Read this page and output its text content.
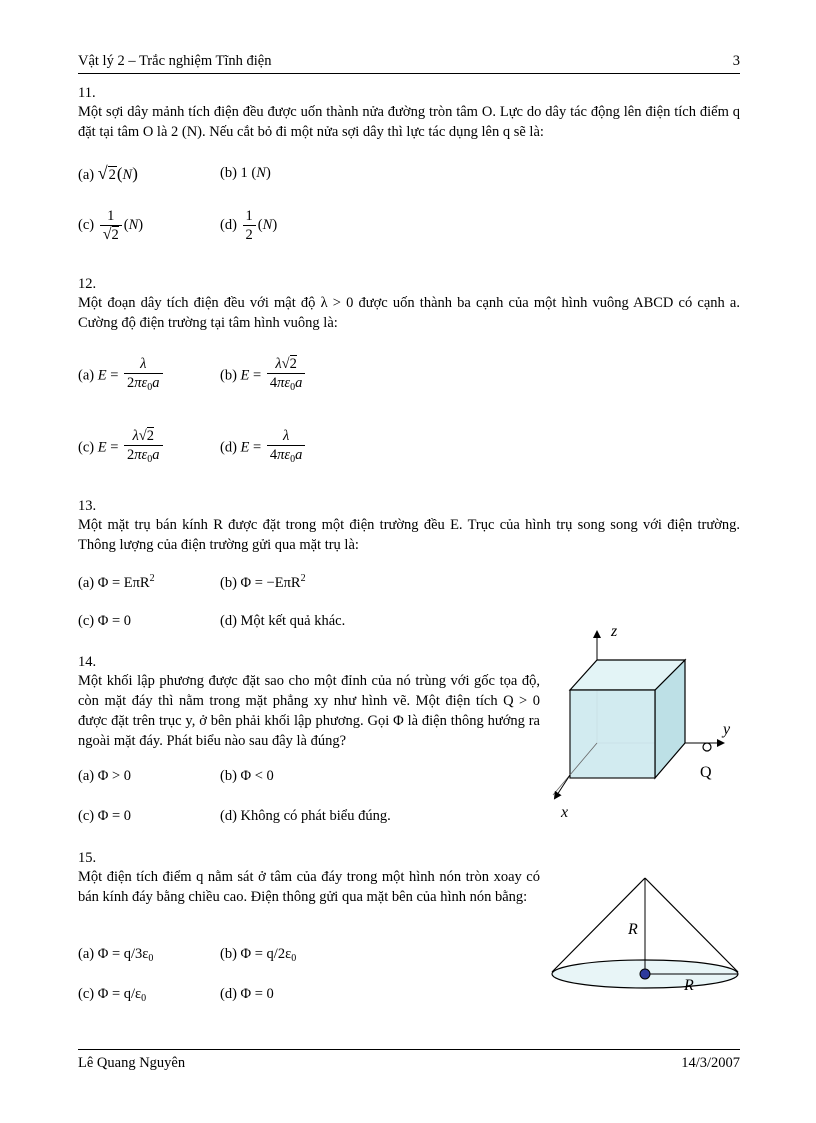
Vật lý 2 – Trắc nghiệm Tĩnh điện	3
11.
Một sợi dây mảnh tích điện đều được uốn thành nửa đường tròn tâm O. Lực do dây tác động lên điện tích điểm q đặt tại tâm O là 2 (N). Nếu cắt bỏ đi một nửa sợi dây thì lực tác dụng lên q sẽ là:
(a) √2(N)	(b) 1 (N)
$(c) \frac{1}{√2} (N)$	$(d) \frac{1}{2} (N)$
12.
Một đoạn dây tích điện đều với mật độ λ > 0 được uốn thành ba cạnh của một hình vuông ABCD có cạnh a. Cường độ điện trường tại tâm hình vuông là:
(a) $E = \frac{\lambda}{2\pi\varepsilon_0a}$	(b) $E = \frac{\lambda√2}{4\pi\varepsilon_0a}$
(c) $E = \frac{\lambda√2}{2\pi\varepsilon_0a}$	(d) $E = \frac{\lambda}{4\pi\varepsilon_0a}$
13.
Một mặt trụ bán kính R được đặt trong một điện trường đều E. Trục của hình trụ song song với điện trường. Thông lượng của điện trường gửi qua mặt trụ là:
(a) Φ = EπR$^2$	(b) Φ = −EπR$^2$
(c) Φ = 0	(d) Một kết quả khác.
14.
Một khối lập phương được đặt sao cho một đỉnh của nó trùng với gốc tọa độ, còn mặt đáy thì nằm trong mặt phẳng xy như hình vẽ. Một điện tích Q > 0 được đặt trên trục y, ở bên phải khối lập phương. Gọi Φ là điện thông hướng ra ngoài mặt đáy. Phát biểu nào sau đây là đúng?
(a) Φ > 0	(b) Φ < 0
(c) Φ = 0	(d) Không có phát biểu đúng.
z
y
x
Q
15.
Một điện tích điểm q nằm sát ở tâm của đáy trong một hình nón tròn xoay có bán kính đáy bằng chiều cao. Điện thông gửi qua mặt bên của hình nón bằng:
(a) $\Phi = q/3\varepsilon_0$	(b) $\Phi = q/2\varepsilon_0$
(c) $\Phi = q/\varepsilon_0$	(d) Φ = 0
R
R
Lê Quang Nguyên	14/3/2007
